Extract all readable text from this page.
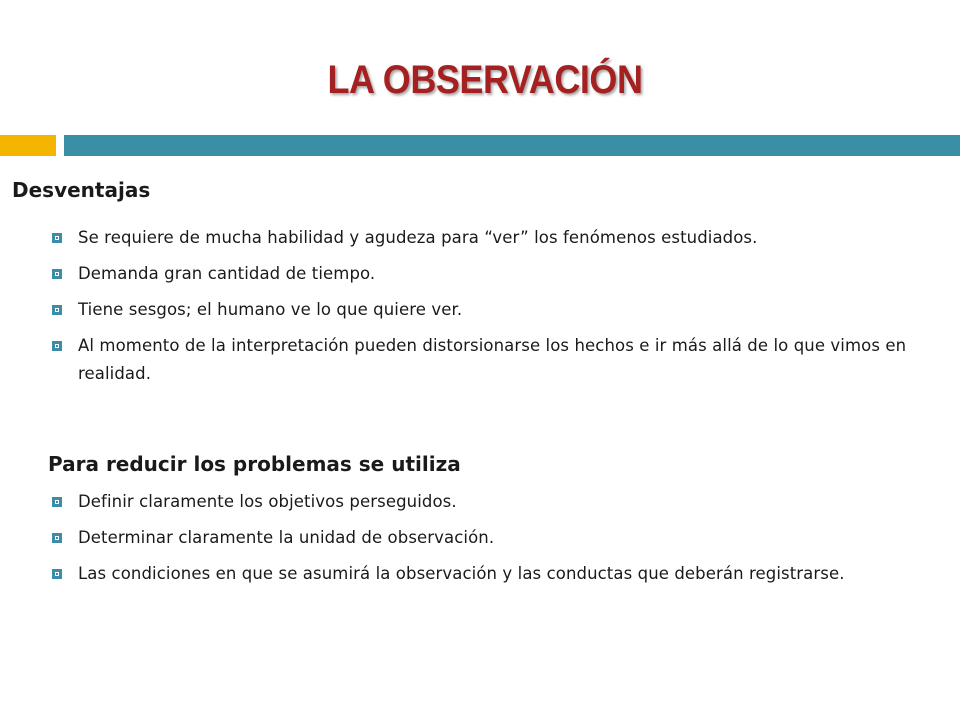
LA OBSERVACIÓN
Desventajas
Se requiere de mucha habilidad y agudeza para “ver” los fenómenos estudiados.
Demanda gran cantidad de tiempo.
Tiene sesgos; el humano ve lo que quiere ver.
Al momento de la interpretación pueden distorsionarse los hechos e ir más allá de lo que vimos en realidad.
Para reducir los problemas se utiliza
Definir claramente los objetivos perseguidos.
Determinar claramente la unidad de observación.
Las condiciones en que se asumirá la observación y las conductas que deberán registrarse.
